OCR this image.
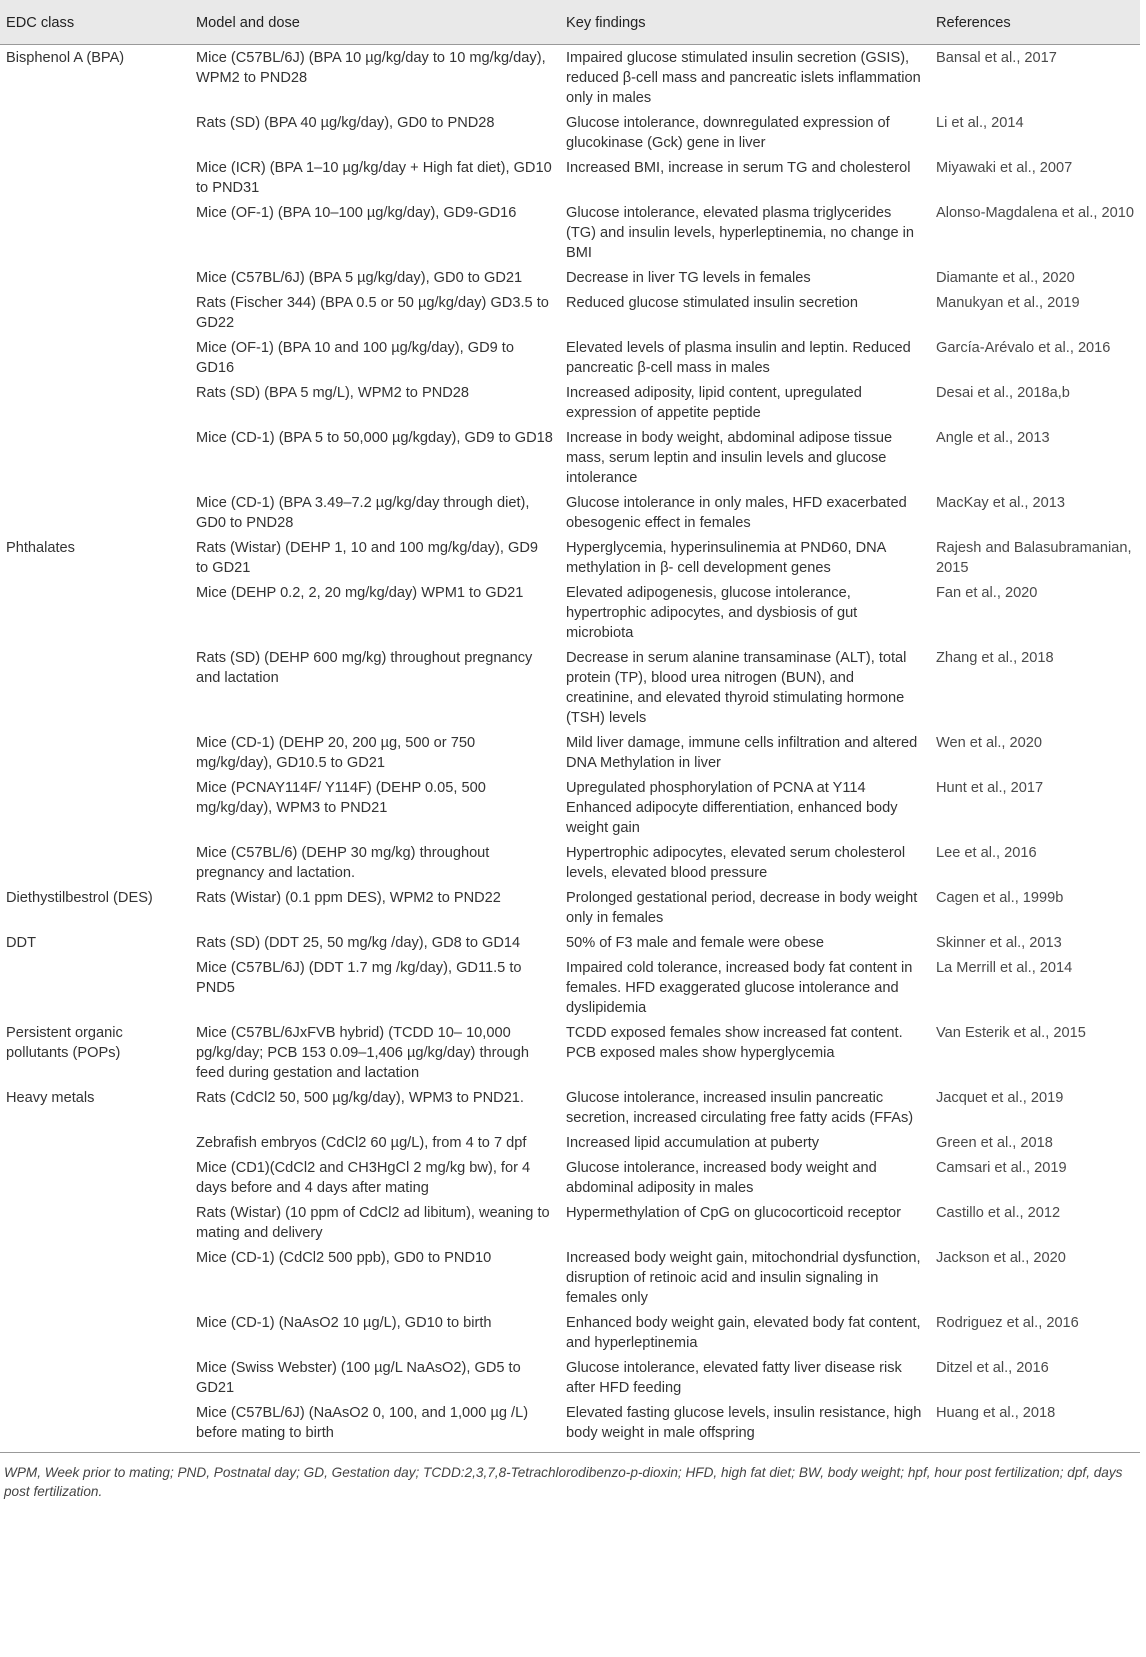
EDC class	Model and dose	Key findings	References
Bisphenol A (BPA)	Mice (C57BL/6J) (BPA 10 µg/kg/day to 10 mg/kg/day), WPM2 to PND28	Impaired glucose stimulated insulin secretion (GSIS), reduced β-cell mass and pancreatic islets inflammation only in males	Bansal et al., 2017
	Rats (SD) (BPA 40 µg/kg/day), GD0 to PND28	Glucose intolerance, downregulated expression of glucokinase (Gck) gene in liver	Li et al., 2014
	Mice (ICR) (BPA 1–10 µg/kg/day + High fat diet), GD10 to PND31	Increased BMI, increase in serum TG and cholesterol	Miyawaki et al., 2007
	Mice (OF-1) (BPA 10–100 µg/kg/day), GD9-GD16	Glucose intolerance, elevated plasma triglycerides (TG) and insulin levels, hyperleptinemia, no change in BMI	Alonso-Magdalena et al., 2010
	Mice (C57BL/6J) (BPA 5 µg/kg/day), GD0 to GD21	Decrease in liver TG levels in females	Diamante et al., 2020
	Rats (Fischer 344) (BPA 0.5 or 50 µg/kg/day) GD3.5 to GD22	Reduced glucose stimulated insulin secretion	Manukyan et al., 2019
	Mice (OF-1) (BPA 10 and 100 µg/kg/day), GD9 to GD16	Elevated levels of plasma insulin and leptin. Reduced pancreatic β-cell mass in males	García-Arévalo et al., 2016
	Rats (SD) (BPA 5 mg/L), WPM2 to PND28	Increased adiposity, lipid content, upregulated expression of appetite peptide	Desai et al., 2018a,b
	Mice (CD-1) (BPA 5 to 50,000 µg/kgday), GD9 to GD18	Increase in body weight, abdominal adipose tissue mass, serum leptin and insulin levels and glucose intolerance	Angle et al., 2013
	Mice (CD-1) (BPA 3.49–7.2 µg/kg/day through diet), GD0 to PND28	Glucose intolerance in only males, HFD exacerbated obesogenic effect in females	MacKay et al., 2013
Phthalates	Rats (Wistar) (DEHP 1, 10 and 100 mg/kg/day), GD9 to GD21	Hyperglycemia, hyperinsulinemia at PND60, DNA methylation in β- cell development genes	Rajesh and Balasubramanian, 2015
	Mice (DEHP 0.2, 2, 20 mg/kg/day) WPM1 to GD21	Elevated adipogenesis, glucose intolerance, hypertrophic adipocytes, and dysbiosis of gut microbiota	Fan et al., 2020
	Rats (SD) (DEHP 600 mg/kg) throughout pregnancy and lactation	Decrease in serum alanine transaminase (ALT), total protein (TP), blood urea nitrogen (BUN), and creatinine, and elevated thyroid stimulating hormone (TSH) levels	Zhang et al., 2018
	Mice (CD-1) (DEHP 20, 200 µg, 500 or 750 mg/kg/day), GD10.5 to GD21	Mild liver damage, immune cells infiltration and altered DNA Methylation in liver	Wen et al., 2020
	Mice (PCNAY114F/ Y114F) (DEHP 0.05, 500 mg/kg/day), WPM3 to PND21	Upregulated phosphorylation of PCNA at Y114 Enhanced adipocyte differentiation, enhanced body weight gain	Hunt et al., 2017
	Mice (C57BL/6) (DEHP 30 mg/kg) throughout pregnancy and lactation.	Hypertrophic adipocytes, elevated serum cholesterol levels, elevated blood pressure	Lee et al., 2016
Diethystilbestrol (DES)	Rats (Wistar) (0.1 ppm DES), WPM2 to PND22	Prolonged gestational period, decrease in body weight only in females	Cagen et al., 1999b
DDT	Rats (SD) (DDT 25, 50 mg/kg /day), GD8 to GD14	50% of F3 male and female were obese	Skinner et al., 2013
	Mice (C57BL/6J) (DDT 1.7 mg /kg/day), GD11.5 to PND5	Impaired cold tolerance, increased body fat content in females. HFD exaggerated glucose intolerance and dyslipidemia	La Merrill et al., 2014
Persistent organic pollutants (POPs)	Mice (C57BL/6JxFVB hybrid) (TCDD 10– 10,000 pg/kg/day; PCB 153 0.09–1,406 µg/kg/day) through feed during gestation and lactation	TCDD exposed females show increased fat content. PCB exposed males show hyperglycemia	Van Esterik et al., 2015
Heavy metals	Rats (CdCl2 50, 500 µg/kg/day), WPM3 to PND21.	Glucose intolerance, increased insulin pancreatic secretion, increased circulating free fatty acids (FFAs)	Jacquet et al., 2019
	Zebrafish embryos (CdCl2 60 µg/L), from 4 to 7 dpf	Increased lipid accumulation at puberty	Green et al., 2018
	Mice (CD1)(CdCl2 and CH3HgCl 2 mg/kg bw), for 4 days before and 4 days after mating	Glucose intolerance, increased body weight and abdominal adiposity in males	Camsari et al., 2019
	Rats (Wistar) (10 ppm of CdCl2 ad libitum), weaning to mating and delivery	Hypermethylation of CpG on glucocorticoid receptor	Castillo et al., 2012
	Mice (CD-1) (CdCl2 500 ppb), GD0 to PND10	Increased body weight gain, mitochondrial dysfunction, disruption of retinoic acid and insulin signaling in females only	Jackson et al., 2020
	Mice (CD-1) (NaAsO2 10 µg/L), GD10 to birth	Enhanced body weight gain, elevated body fat content, and hyperleptinemia	Rodriguez et al., 2016
	Mice (Swiss Webster) (100 µg/L NaAsO2), GD5 to GD21	Glucose intolerance, elevated fatty liver disease risk after HFD feeding	Ditzel et al., 2016
	Mice (C57BL/6J) (NaAsO2 0, 100, and 1,000 µg /L) before mating to birth	Elevated fasting glucose levels, insulin resistance, high body weight in male offspring	Huang et al., 2018
WPM, Week prior to mating; PND, Postnatal day; GD, Gestation day; TCDD:2,3,7,8-Tetrachlorodibenzo-p-dioxin; HFD, high fat diet; BW, body weight; hpf, hour post fertilization; dpf, days post fertilization.
